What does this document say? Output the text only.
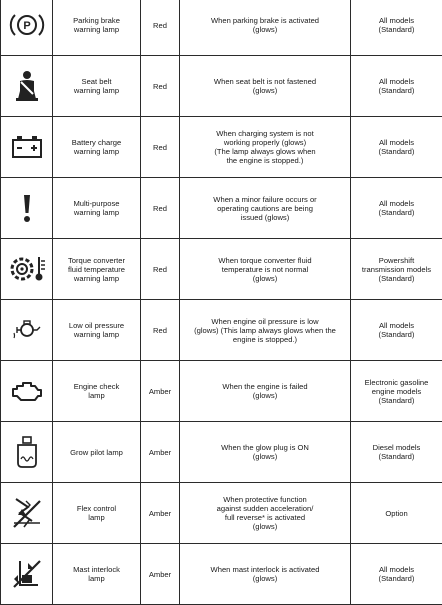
P	Parking brake
warning lamp	Red	When parking brake is activated
(glows)	All models
(Standard)

	Seat belt
warning lamp	Red	When seat belt is not fastened
(glows)	All models
(Standard)

	Battery charge
warning lamp	Red	When charging system is not
working properly (glows)
(The lamp always glows when
the engine is stopped.)	All models
(Standard)

	Multi-purpose
warning lamp	Red	When a minor failure occurs or
operating cautions are being
issued (glows)	All models
(Standard)

	Torque converter
fluid temperature
warning lamp	Red	When torque converter fluid
temperature is not normal
(glows)	Powershift
transmission models
(Standard)

	Low oil pressure
warning lamp	Red	When engine oil pressure is low
(glows) (This lamp always glows when the
engine is stopped.)	All models
(Standard)

	Engine check
lamp	Amber	When the engine is failed
(glows)	Electronic gasoline
engine models
(Standard)

	Grow pilot lamp	Amber	When the glow plug is ON
(glows)	Diesel models
(Standard)

	Flex control
lamp	Amber	When protective function
against sudden acceleration/
full reverse* is activated
(glows)	Option

	Mast interlock
lamp	Amber	When mast interlock is activated
(glows)	All models
(Standard)
